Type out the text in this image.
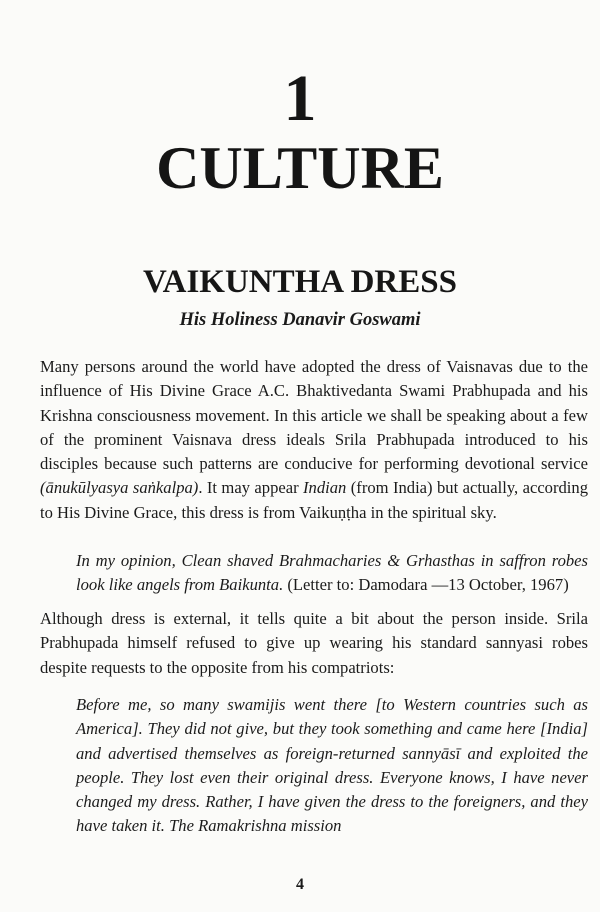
1
CULTURE
VAIKUNTHA DRESS
His Holiness Danavir Goswami

Many persons around the world have adopted the dress of Vaisnavas due to the influence of His Divine Grace A.C. Bhaktivedanta Swami Prabhupada and his Krishna consciousness movement. In this article we shall be speaking about a few of the prominent Vaisnava dress ideals Srila Prabhupada introduced to his disciples because such patterns are conducive for performing devotional service (ānukūlyasya saṅkalpa). It may appear Indian (from India) but actually, according to His Divine Grace, this dress is from Vaikuṇṭha in the spiritual sky.

In my opinion, Clean shaved Brahmacharies & Grhasthas in saffron robes look like angels from Baikunta. (Letter to: Damodara —13 October, 1967)

Although dress is external, it tells quite a bit about the person inside. Srila Prabhupada himself refused to give up wearing his standard sannyasi robes despite requests to the opposite from his compatriots:

Before me, so many swamijis went there [to Western countries such as America]. They did not give, but they took something and came here [India] and advertised themselves as foreign-returned sannyāsī and exploited the people. They lost even their original dress. Everyone knows, I have never changed my dress. Rather, I have given the dress to the foreigners, and they have taken it. The Ramakrishna mission

4
